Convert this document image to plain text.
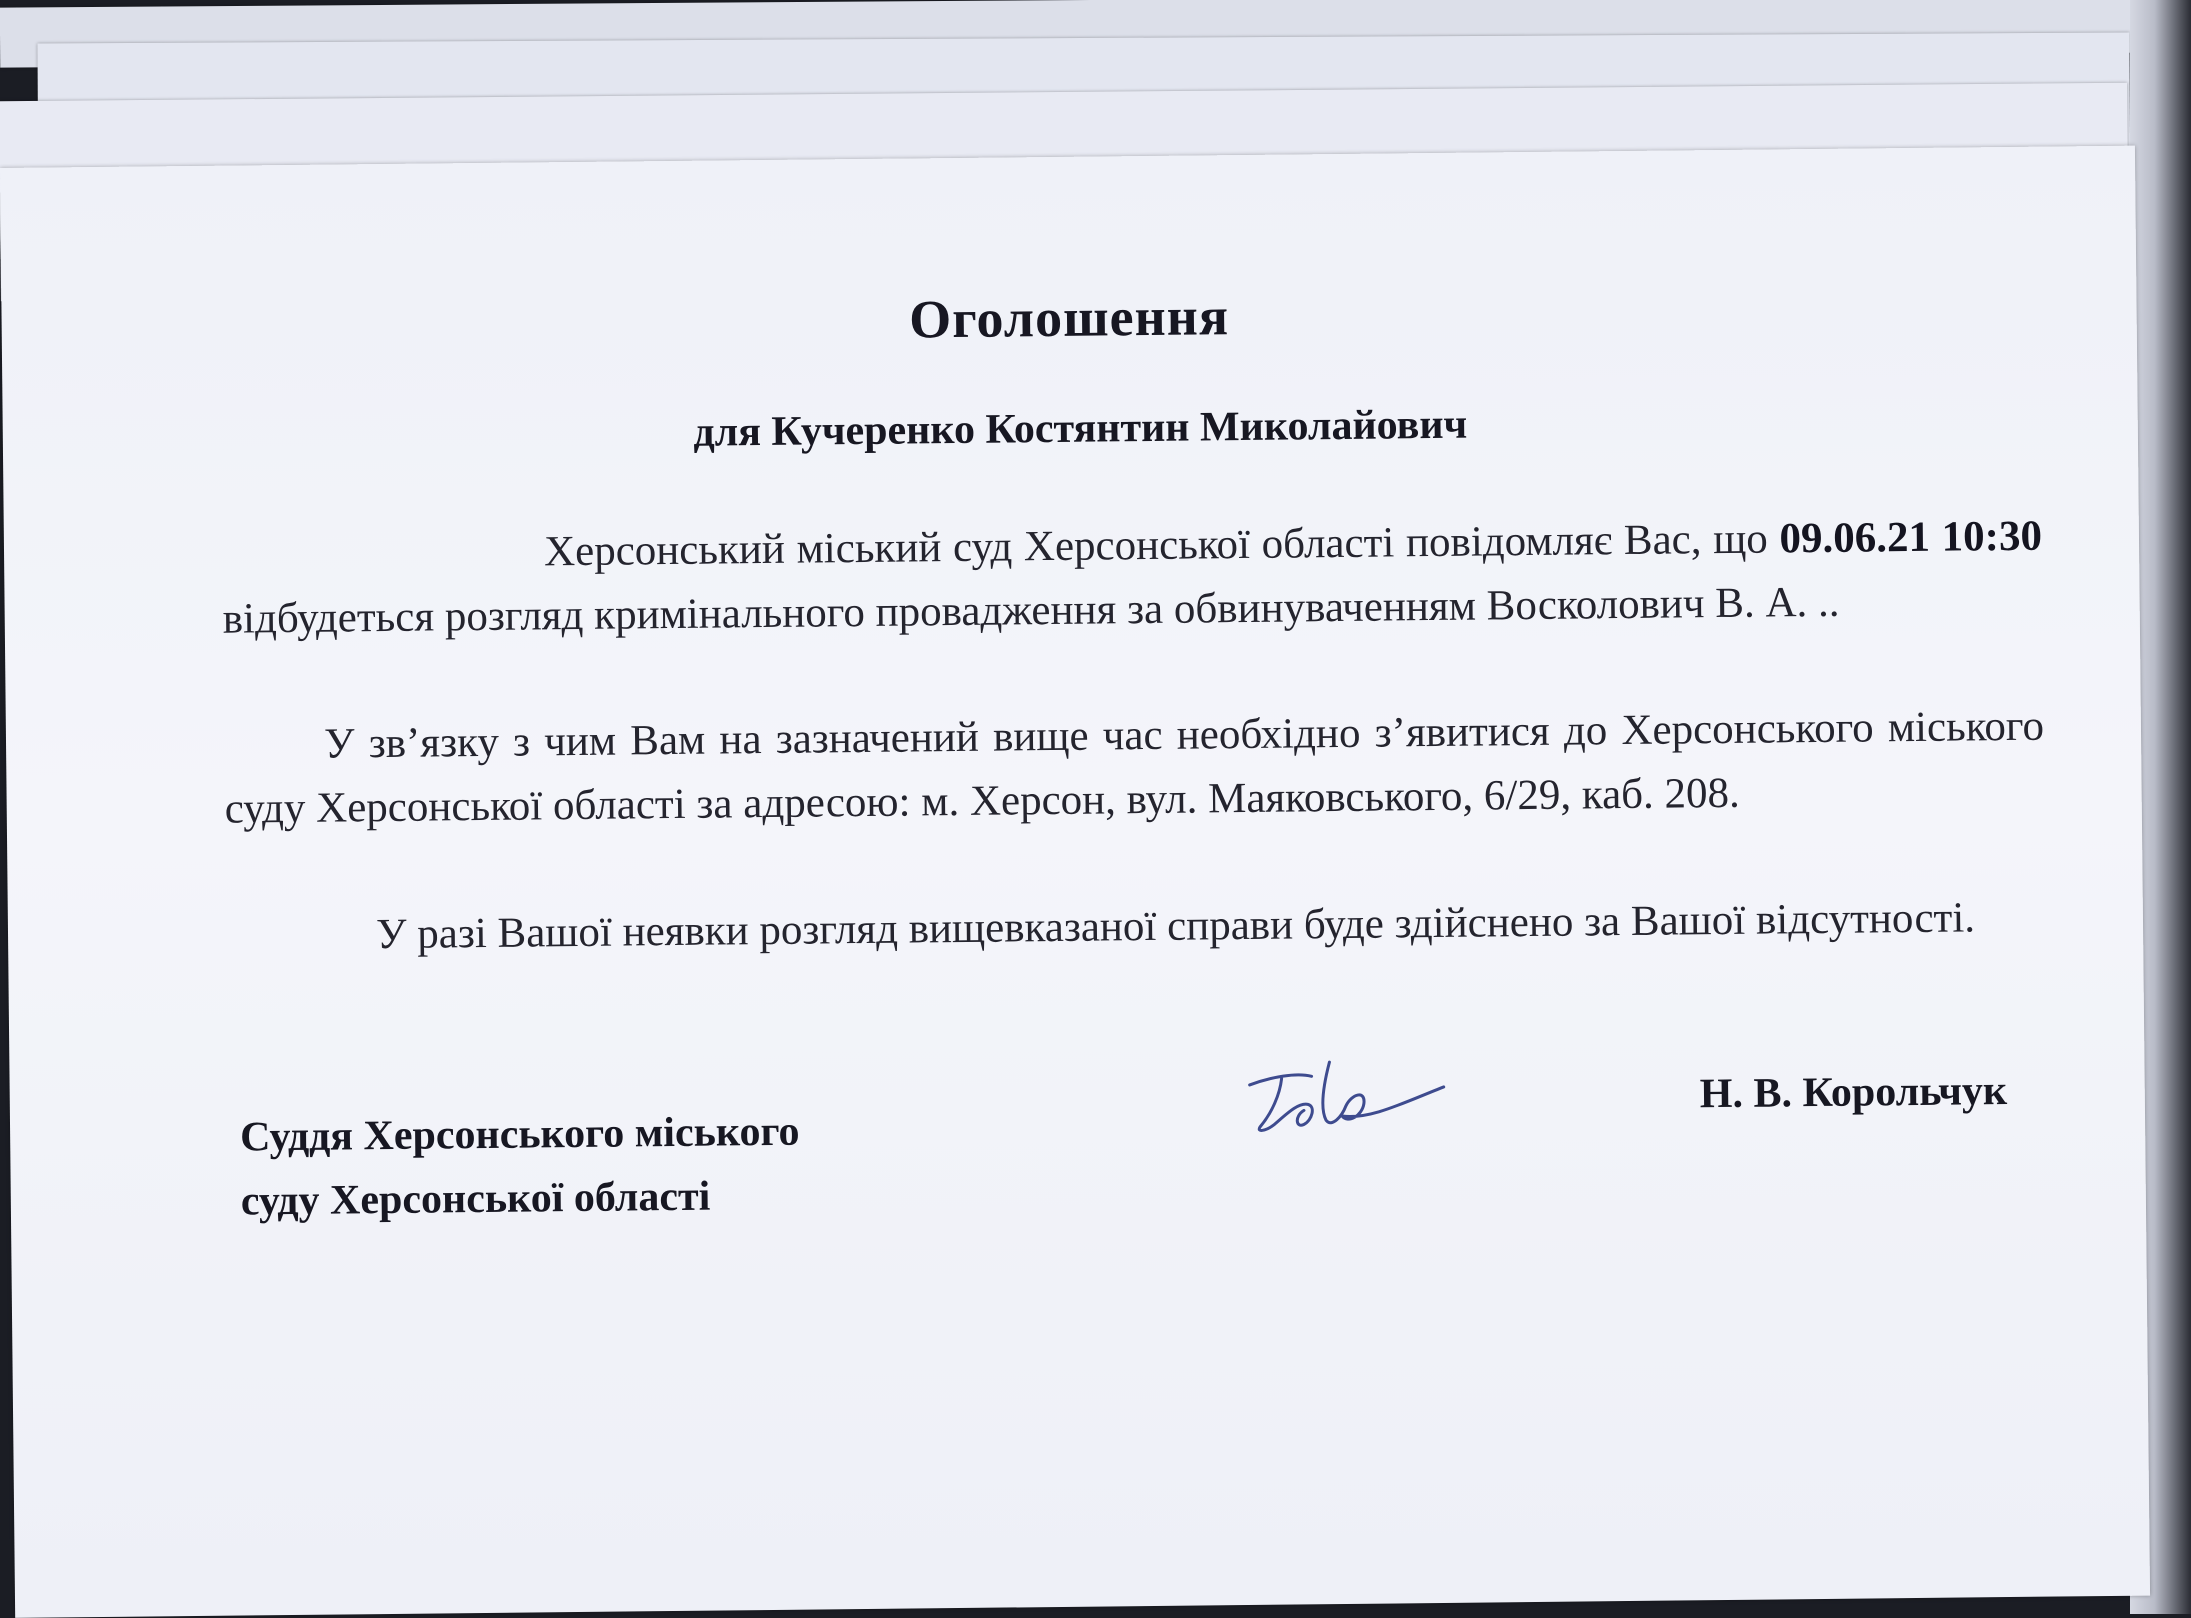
Оголошення
для Кучеренко Костянтин Миколайович
Херсонський міський суд Херсонської області повідомляє Вас, що 09.06.21 10:30 відбудеться розгляд кримінального провадження за обвинуваченням Восколович В. А. ..
У зв’язку з чим Вам на зазначений вище час необхідно з’явитися до Херсонського міського суду Херсонської області за адресою: м. Херсон, вул. Маяковського, 6/29, каб. 208.
У разі Вашої неявки розгляд вищевказаної справи буде здійснено за Вашої відсутності.
Суддя Херсонського міського
суду Херсонської області
Н. В. Корольчук
